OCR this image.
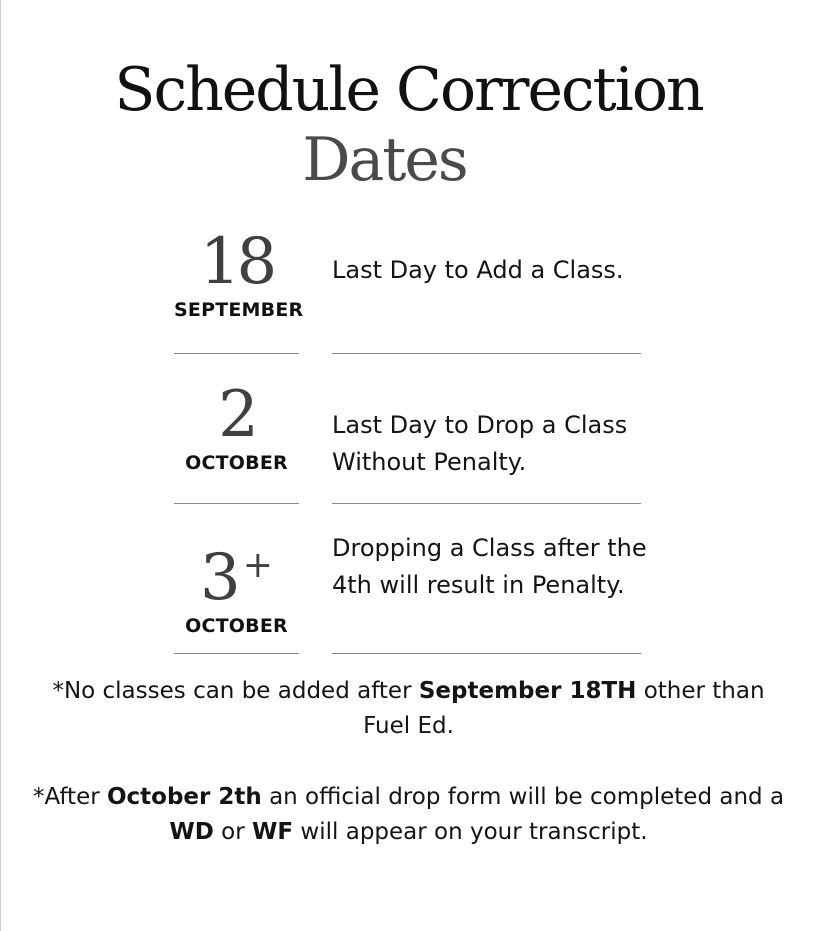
Schedule Correction
Dates
18
SEPTEMBER
Last Day to Add a Class.
2
OCTOBER
Last Day to Drop a Class Without Penalty.
3 +
OCTOBER
Dropping a Class after the 4th will result in Penalty.

*No classes can be added after September 18TH other than Fuel Ed.

*After October 2th an official drop form will be completed and a WD or WF will appear on your transcript.
